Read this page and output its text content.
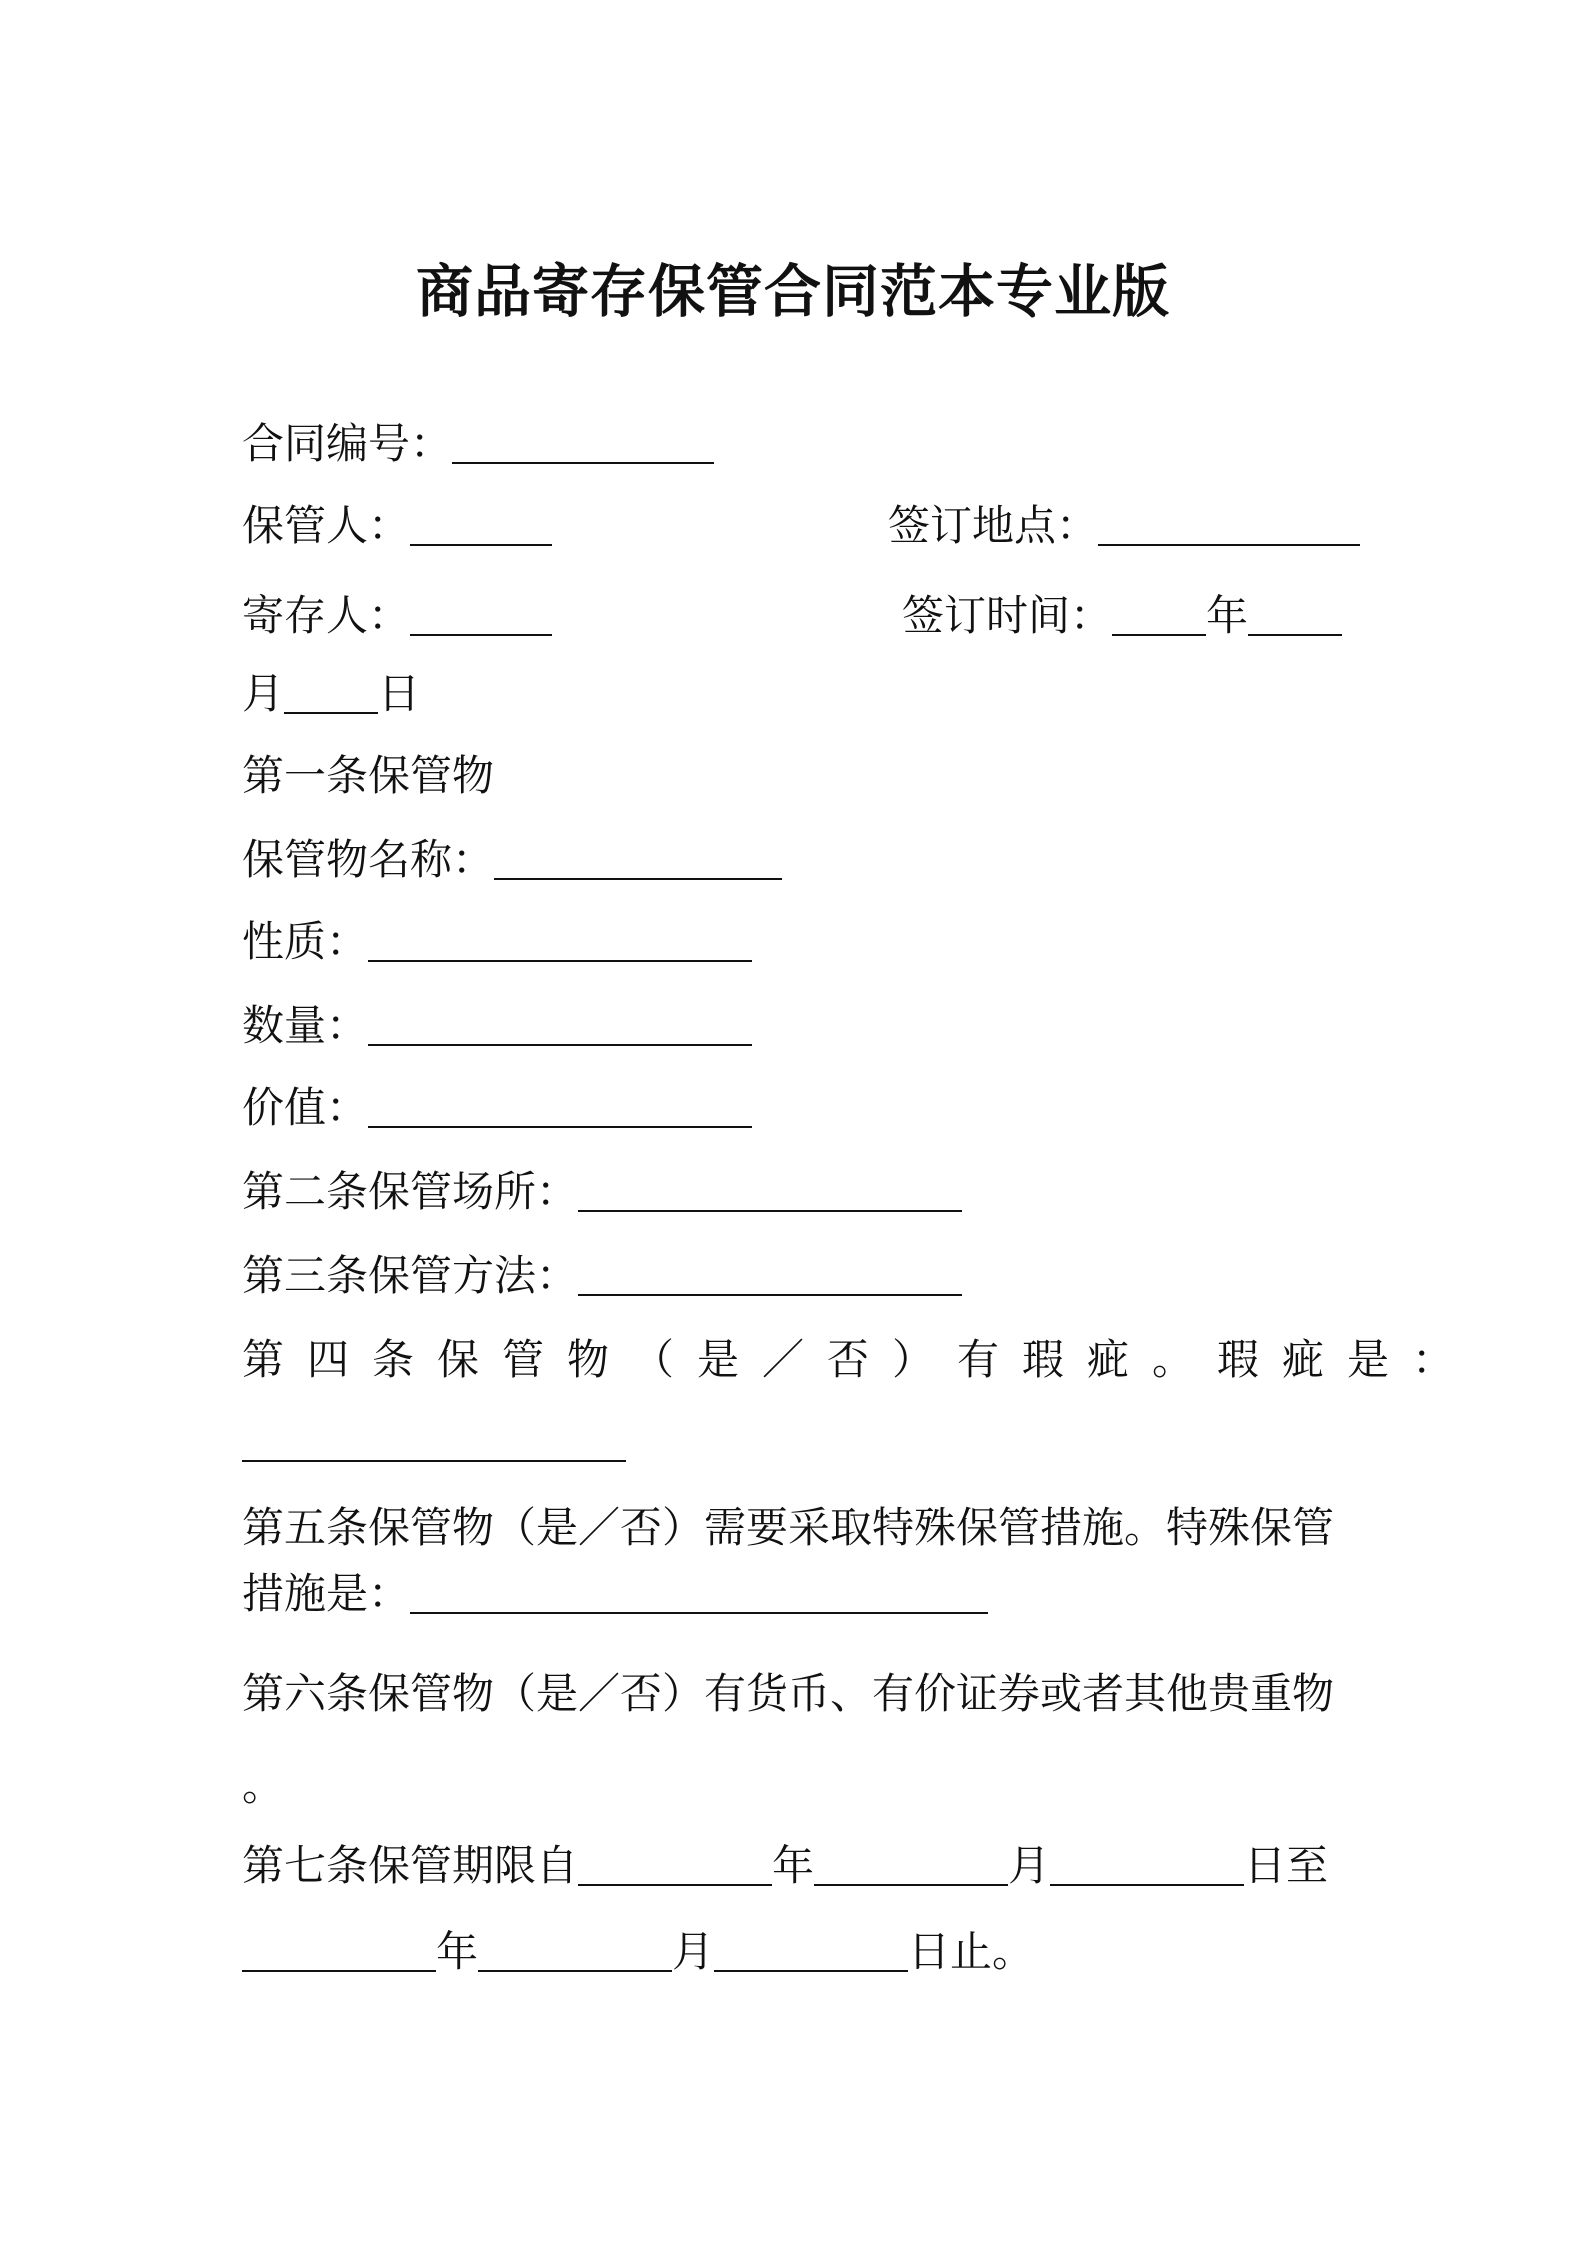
商品寄存保管合同范本专业版
合同编号：
保管人：	签订地点：
寄存人：	签订时间： 年
月 日
第一条保管物
保管物名称：
性质：
数量：
价值：
第二条保管场所：
第三条保管方法：
第四条保管物（是／否）有瑕疵。瑕疵是：
第五条保管物（是／否）需要采取特殊保管措施。特殊保管
措施是：
第六条保管物（是／否）有货币、有价证券或者其他贵重物
。
第七条保管期限自	年	月	日至
年	月	日止。
